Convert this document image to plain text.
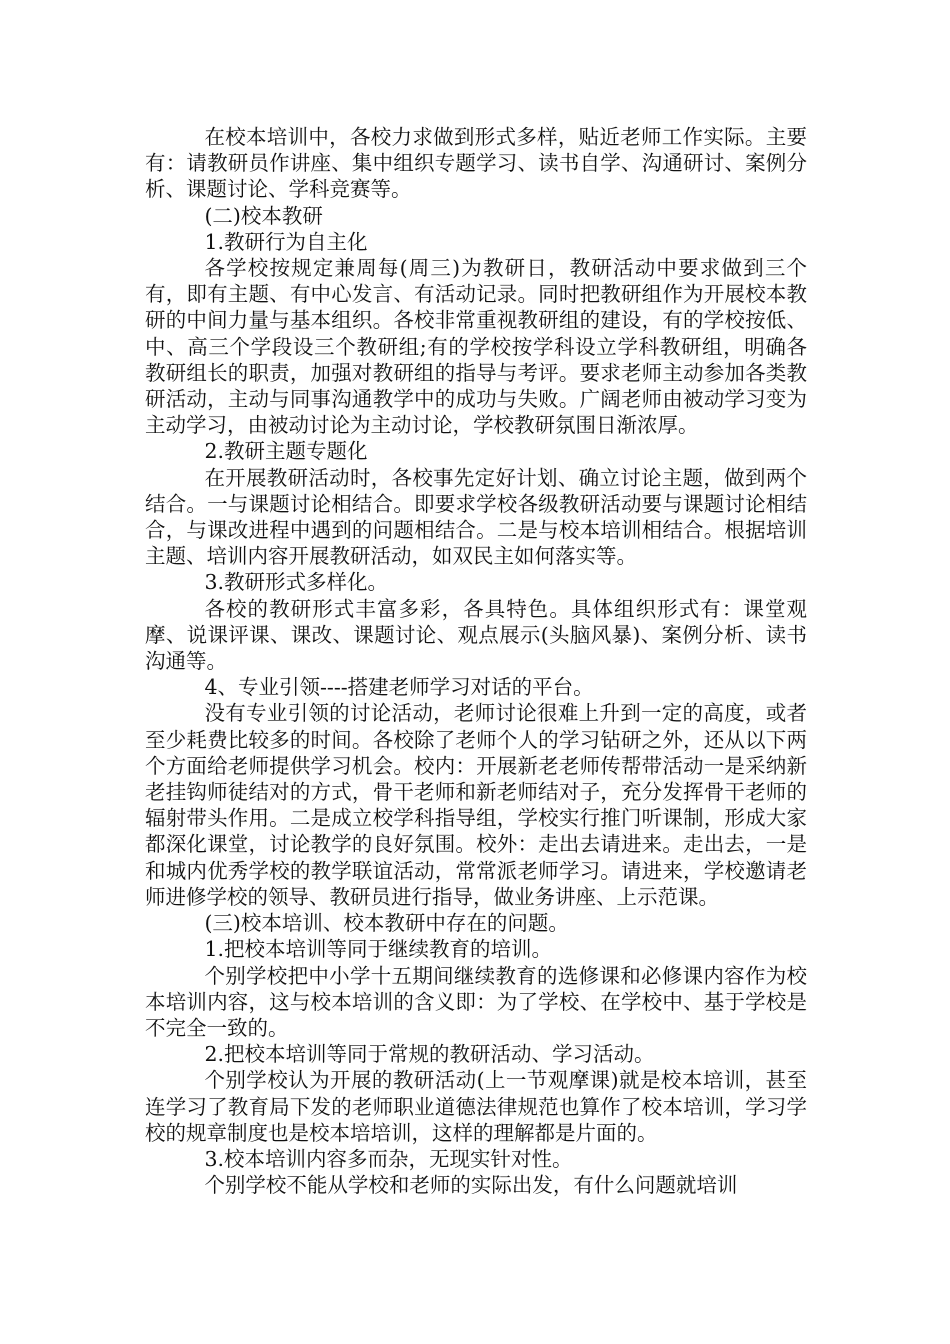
在校本培训中，各校力求做到形式多样，贴近老师工作实际。主要有：请教研员作讲座、集中组织专题学习、读书自学、沟通研讨、案例分析、课题讨论、学科竞赛等。

(二)校本教研

1.教研行为自主化

各学校按规定兼周每(周三)为教研日，教研活动中要求做到三个有，即有主题、有中心发言、有活动记录。同时把教研组作为开展校本教研的中间力量与基本组织。各校非常重视教研组的建设，有的学校按低、中、高三个学段设三个教研组;有的学校按学科设立学科教研组，明确各教研组长的职责，加强对教研组的指导与考评。要求老师主动参加各类教研活动，主动与同事沟通教学中的成功与失败。广阔老师由被动学习变为主动学习，由被动讨论为主动讨论，学校教研氛围日渐浓厚。

2.教研主题专题化

在开展教研活动时，各校事先定好计划、确立讨论主题，做到两个结合。一与课题讨论相结合。即要求学校各级教研活动要与课题讨论相结合，与课改进程中遇到的问题相结合。二是与校本培训相结合。根据培训主题、培训内容开展教研活动，如双民主如何落实等。

3.教研形式多样化。

各校的教研形式丰富多彩，各具特色。具体组织形式有：课堂观摩、说课评课、课改、课题讨论、观点展示(头脑风暴)、案例分析、读书沟通等。

4、专业引领----搭建老师学习对话的平台。

没有专业引领的讨论活动，老师讨论很难上升到一定的高度，或者至少耗费比较多的时间。各校除了老师个人的学习钻研之外，还从以下两个方面给老师提供学习机会。校内：开展新老老师传帮带活动一是采纳新老挂钩师徒结对的方式，骨干老师和新老师结对子，充分发挥骨干老师的辐射带头作用。二是成立校学科指导组，学校实行推门听课制，形成大家都深化课堂，讨论教学的良好氛围。校外：走出去请进来。走出去，一是和城内优秀学校的教学联谊活动，常常派老师学习。请进来，学校邀请老师进修学校的领导、教研员进行指导，做业务讲座、上示范课。

(三)校本培训、校本教研中存在的问题。

1.把校本培训等同于继续教育的培训。

个别学校把中小学十五期间继续教育的选修课和必修课内容作为校本培训内容，这与校本培训的含义即：为了学校、在学校中、基于学校是不完全一致的。

2.把校本培训等同于常规的教研活动、学习活动。

个别学校认为开展的教研活动(上一节观摩课)就是校本培训，甚至连学习了教育局下发的老师职业道德法律规范也算作了校本培训，学习学校的规章制度也是校本培培训，这样的理解都是片面的。

3.校本培训内容多而杂，无现实针对性。

个别学校不能从学校和老师的实际出发，有什么问题就培训
